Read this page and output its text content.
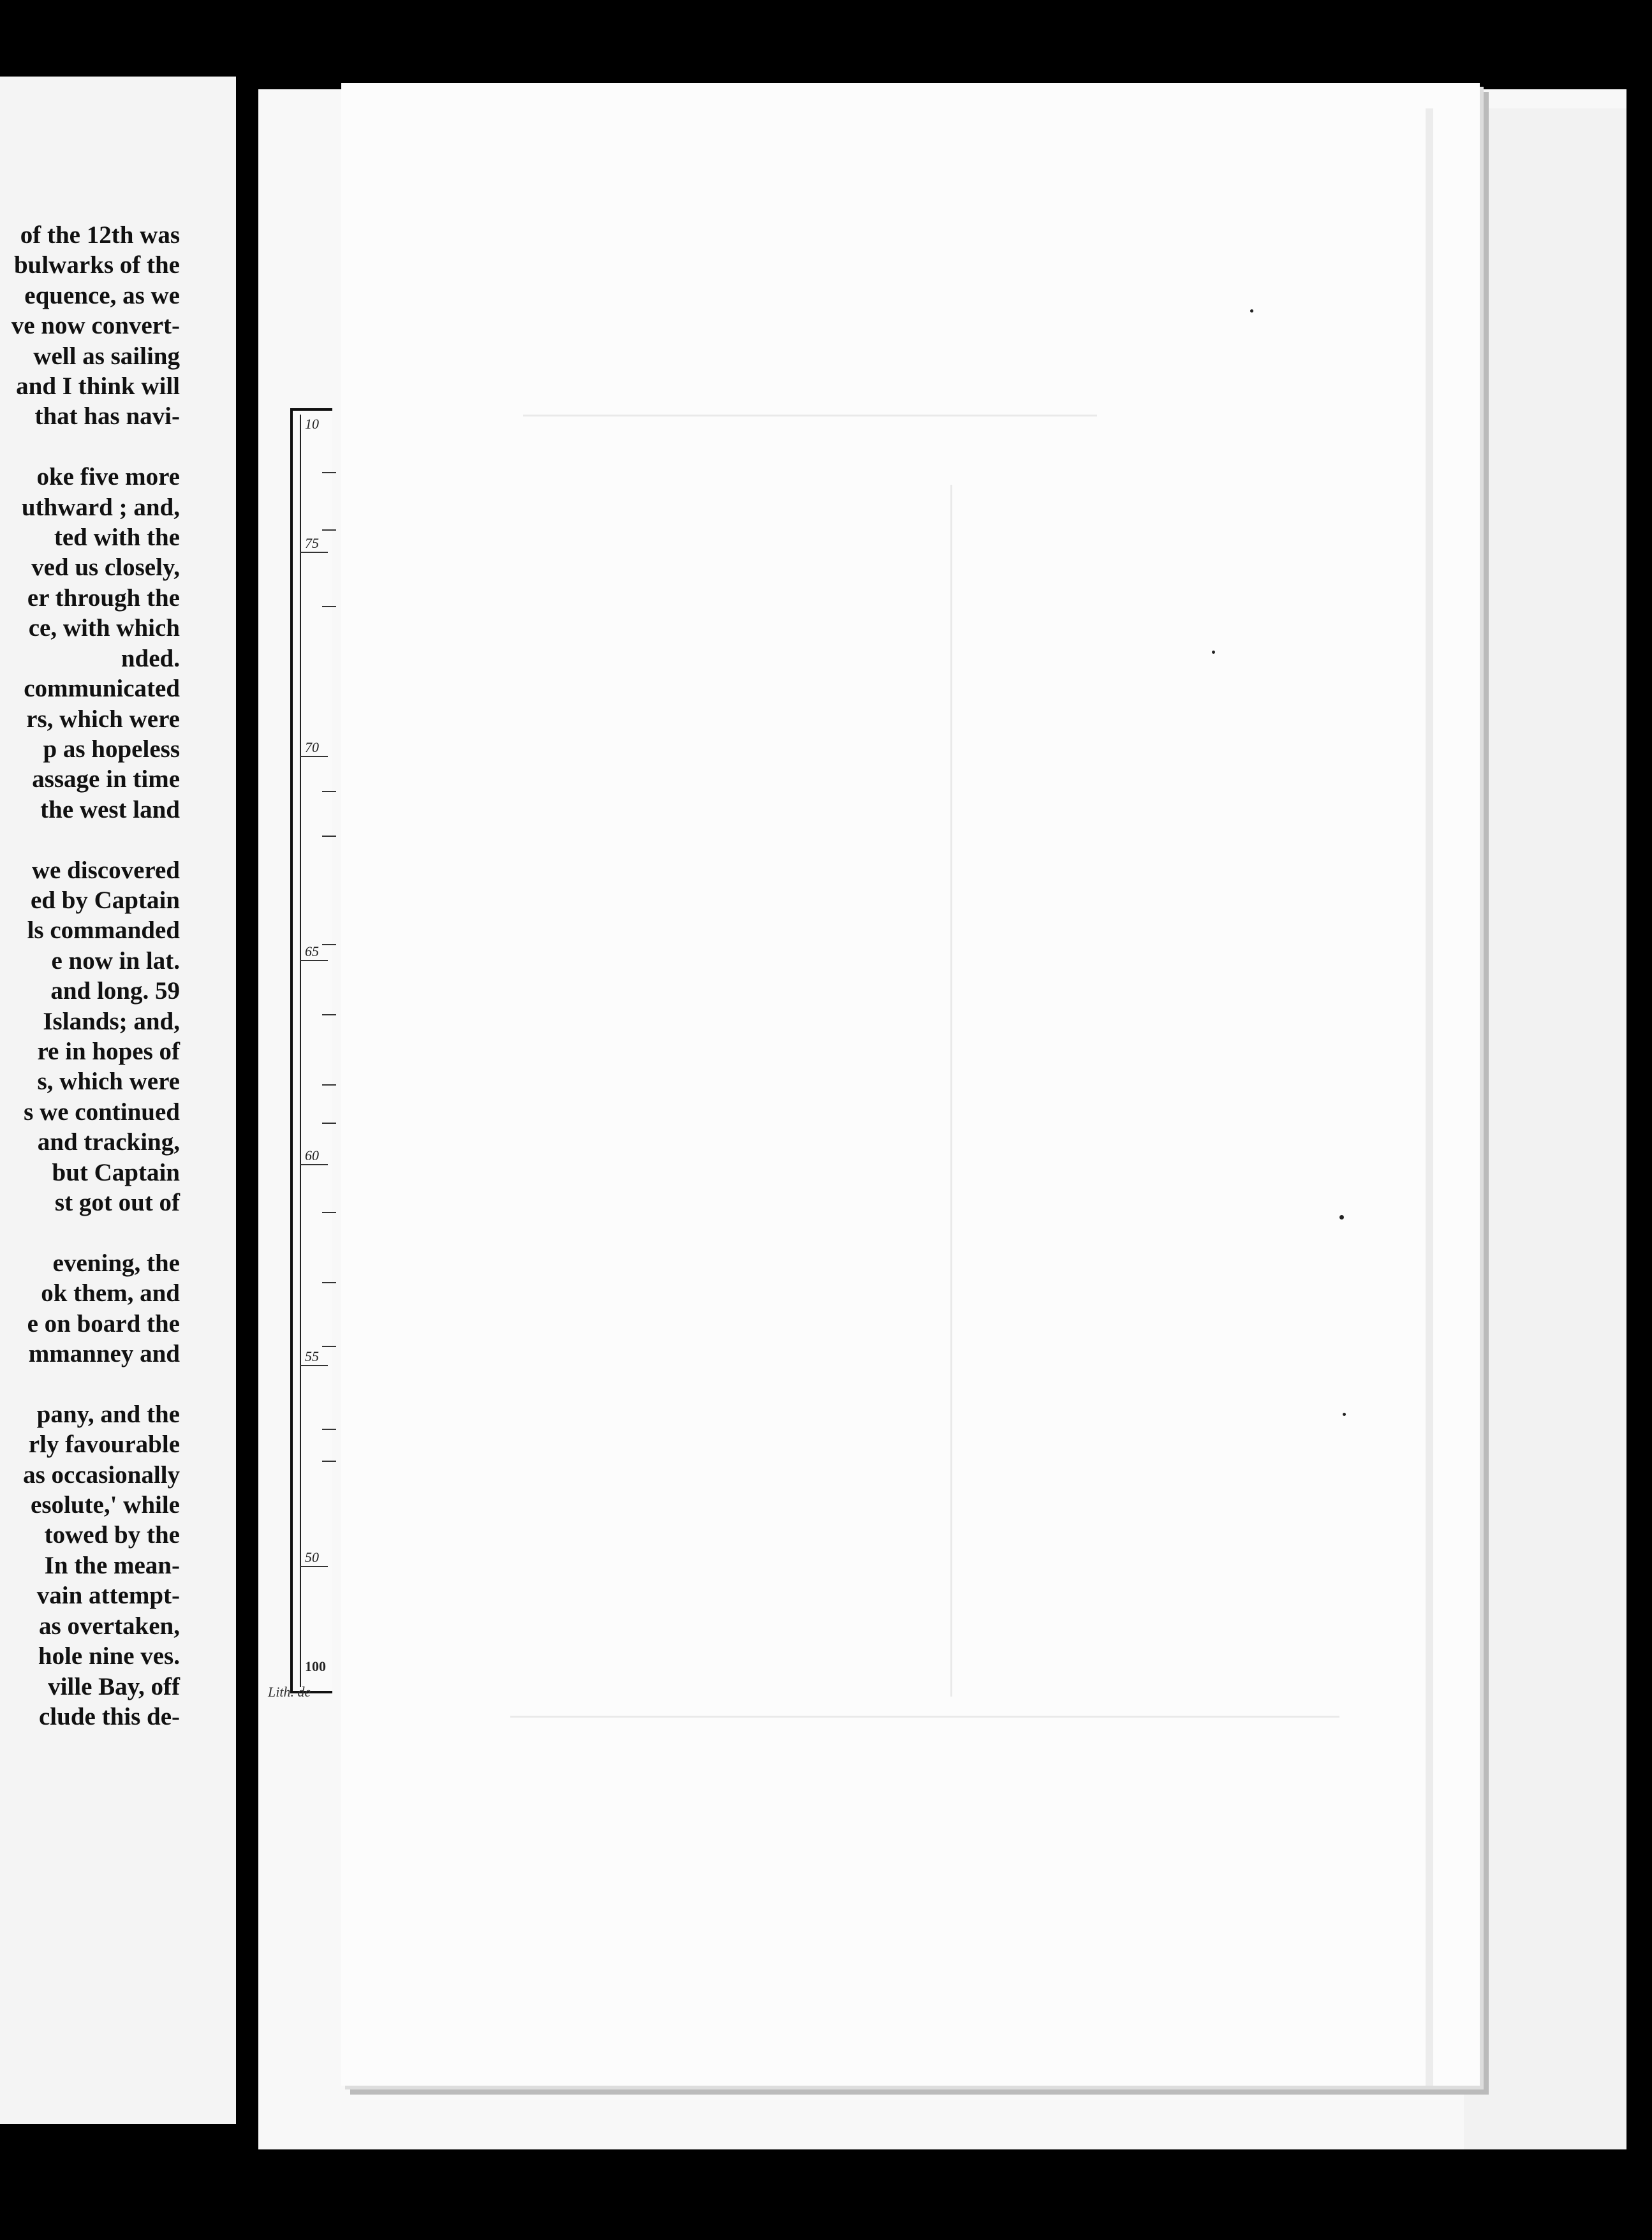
of the 12th was
bulwarks of the
equence, as we
ve now convert-
well as sailing
and I think will
that has navi-

oke five more
uthward ; and,
ted with the
ved us closely,
er through the
ce, with which
nded.
communicated
rs, which were
p as hopeless
assage in time
the west land

we discovered
ed by Captain
ls commanded
e now in lat.
and long. 59
Islands; and,
re in hopes of
s, which were
s we continued
and tracking,
but Captain
st got out of

evening, the
ok them, and
e on board the
mmanney and

pany, and the
rly favourable
as occasionally
esolute,' while
towed by the
In the mean-
vain attempt-
as overtaken,
hole nine ves.
ville Bay, off
clude this de-
10
75
70
65
60
55
50
100
Lith. de
